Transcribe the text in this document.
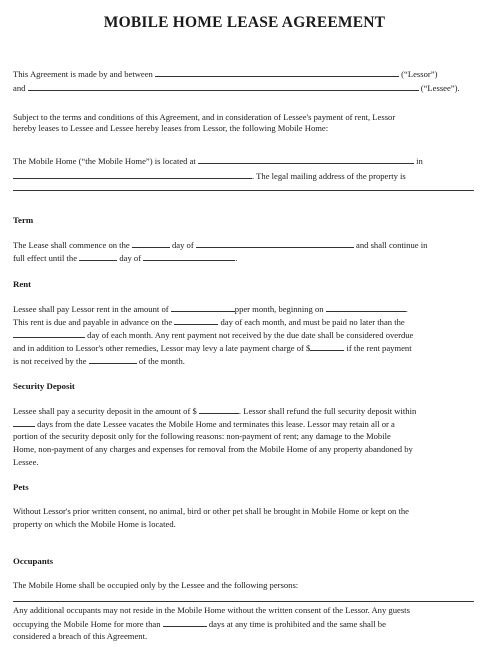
MOBILE HOME LEASE AGREEMENT
This Agreement is made by and between	(“Lessor”)
and	(“Lessee”).
Subject to the terms and conditions of this Agreement, and in consideration of Lessee's payment of rent, Lessor
hereby leases to Lessee and Lessee hereby leases from Lessor, the following Mobile Home:
The Mobile Home (“the Mobile Home”) is located at	in
. The legal mailing address of the property is
Term
The Lease shall commence on the	day of	and shall continue in
full effect until the	day of	.
Rent
Lessee shall pay Lessor rent in the amount of	pper month, beginning on	.
This rent is due and payable in advance on the	day of each month, and must be paid no later than the
day of each month. Any rent payment not received by the due date shall be considered overdue
and in addition to Lessor's other remedies, Lessor may levy a late payment charge of $	if the rent payment
is not received by the	of the month.
Security Deposit
Lessee shall pay a security deposit in the amount of $	. Lessor shall refund the full security deposit within
days from the date Lessee vacates the Mobile Home and terminates this lease. Lessor may retain all or a
portion of the security deposit only for the following reasons: non-payment of rent; any damage to the Mobile
Home, non-payment of any charges and expenses for removal from the Mobile Home of any property abandoned by
Lessee.
Pets
Without Lessor's prior written consent, no animal, bird or other pet shall be brought in Mobile Home or kept on the
property on which the Mobile Home is located.
Occupants
The Mobile Home shall be occupied only by the Lessee and the following persons:
Any additional occupants may not reside in the Mobile Home without the written consent of the Lessor. Any guests
occupying the Mobile Home for more than	days at any time is prohibited and the same shall be
considered a breach of this Agreement.
